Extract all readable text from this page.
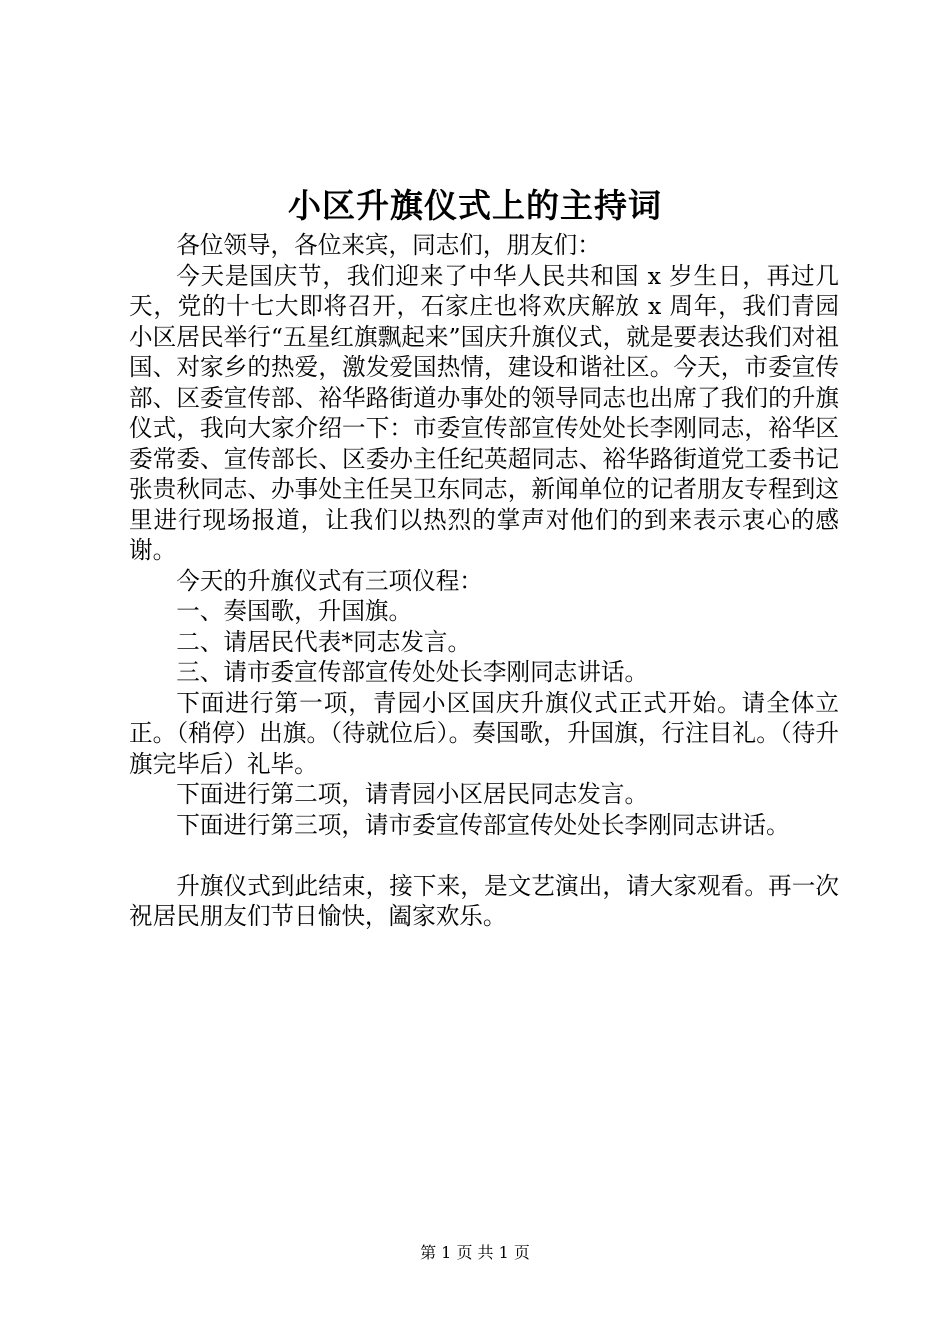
小区升旗仪式上的主持词

各位领导，各位来宾，同志们，朋友们：

今天是国庆节，我们迎来了中华人民共和国 x 岁生日，再过几天，党的十七大即将召开，石家庄也将欢庆解放 x 周年，我们青园小区居民举行“五星红旗飘起来”国庆升旗仪式，就是要表达我们对祖国、对家乡的热爱，激发爱国热情，建设和谐社区。今天，市委宣传部、区委宣传部、裕华路街道办事处的领导同志也出席了我们的升旗仪式，我向大家介绍一下：市委宣传部宣传处处长李刚同志，裕华区委常委、宣传部长、区委办主任纪英超同志、裕华路街道党工委书记张贵秋同志、办事处主任吴卫东同志，新闻单位的记者朋友专程到这里进行现场报道，让我们以热烈的掌声对他们的到来表示衷心的感谢。

今天的升旗仪式有三项仪程：

一、奏国歌，升国旗。

二、请居民代表*同志发言。

三、请市委宣传部宣传处处长李刚同志讲话。

下面进行第一项，青园小区国庆升旗仪式正式开始。请全体立正。（稍停）出旗。（待就位后）。奏国歌，升国旗，行注目礼。（待升旗完毕后）礼毕。

下面进行第二项，请青园小区居民同志发言。

下面进行第三项，请市委宣传部宣传处处长李刚同志讲话。

升旗仪式到此结束，接下来，是文艺演出，请大家观看。再一次祝居民朋友们节日愉快，阖家欢乐。

第 1 页 共 1 页
